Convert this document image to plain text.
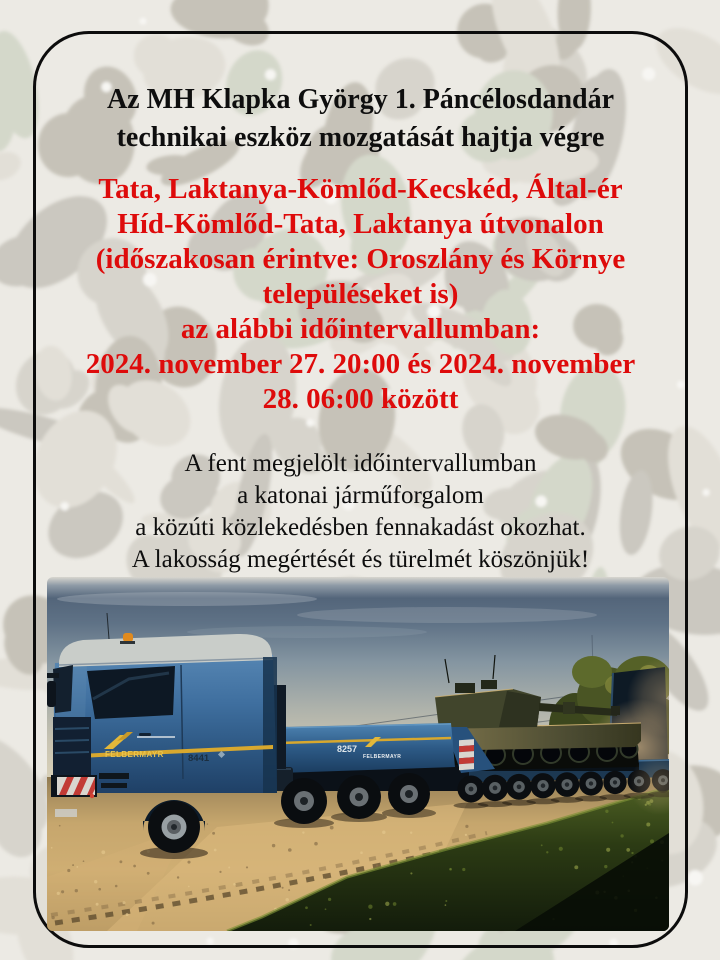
Az MH Klapka György 1. Páncélosdandár
technikai eszköz mozgatását hajtja végre
Tata, Laktanya-Kömlőd-Kecskéd, Által-ér
Híd-Kömlőd-Tata, Laktanya útvonalon
(időszakosan érintve: Oroszlány és Környe
településeket is)
az alábbi időintervallumban:
2024. november 27. 20:00 és 2024. november
28. 06:00 között
A fent megjelölt időintervallumban
a katonai járműforgalom
a közúti közlekedésben fennakadást okozhat.
A lakosság megértését és türelmét köszönjük!
8257
FELBERMAYR
FELBERMAYR	8441
